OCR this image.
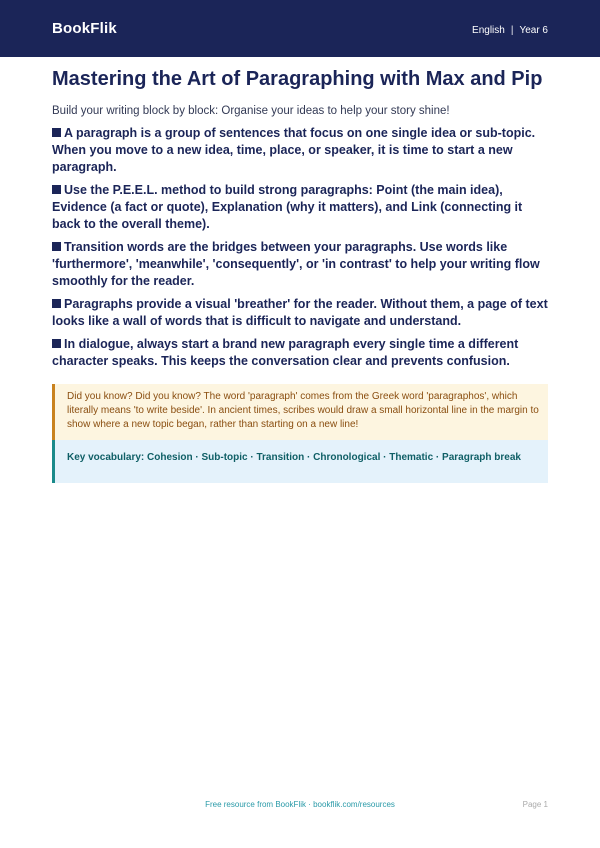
BookFlik	English | Year 6
Mastering the Art of Paragraphing with Max and Pip

Build your writing block by block: Organise your ideas to help your story shine!

A paragraph is a group of sentences that focus on one single idea or sub-topic. When you move to a new idea, time, place, or speaker, it is time to start a new paragraph.
Use the P.E.E.L. method to build strong paragraphs: Point (the main idea), Evidence (a fact or quote), Explanation (why it matters), and Link (connecting it back to the overall theme).
Transition words are the bridges between your paragraphs. Use words like 'furthermore', 'meanwhile', 'consequently', or 'in contrast' to help your writing flow smoothly for the reader.
Paragraphs provide a visual 'breather' for the reader. Without them, a page of text looks like a wall of words that is difficult to navigate and understand.
In dialogue, always start a brand new paragraph every single time a different character speaks. This keeps the conversation clear and prevents confusion.
Did you know? Did you know? The word 'paragraph' comes from the Greek word 'paragraphos', which literally means 'to write beside'. In ancient times, scribes would draw a small horizontal line in the margin to show where a new topic began, rather than starting on a new line!
Key vocabulary: Cohesion · Sub-topic · Transition · Chronological · Thematic · Paragraph break
Free resource from BookFlik · bookflik.com/resources	Page 1
